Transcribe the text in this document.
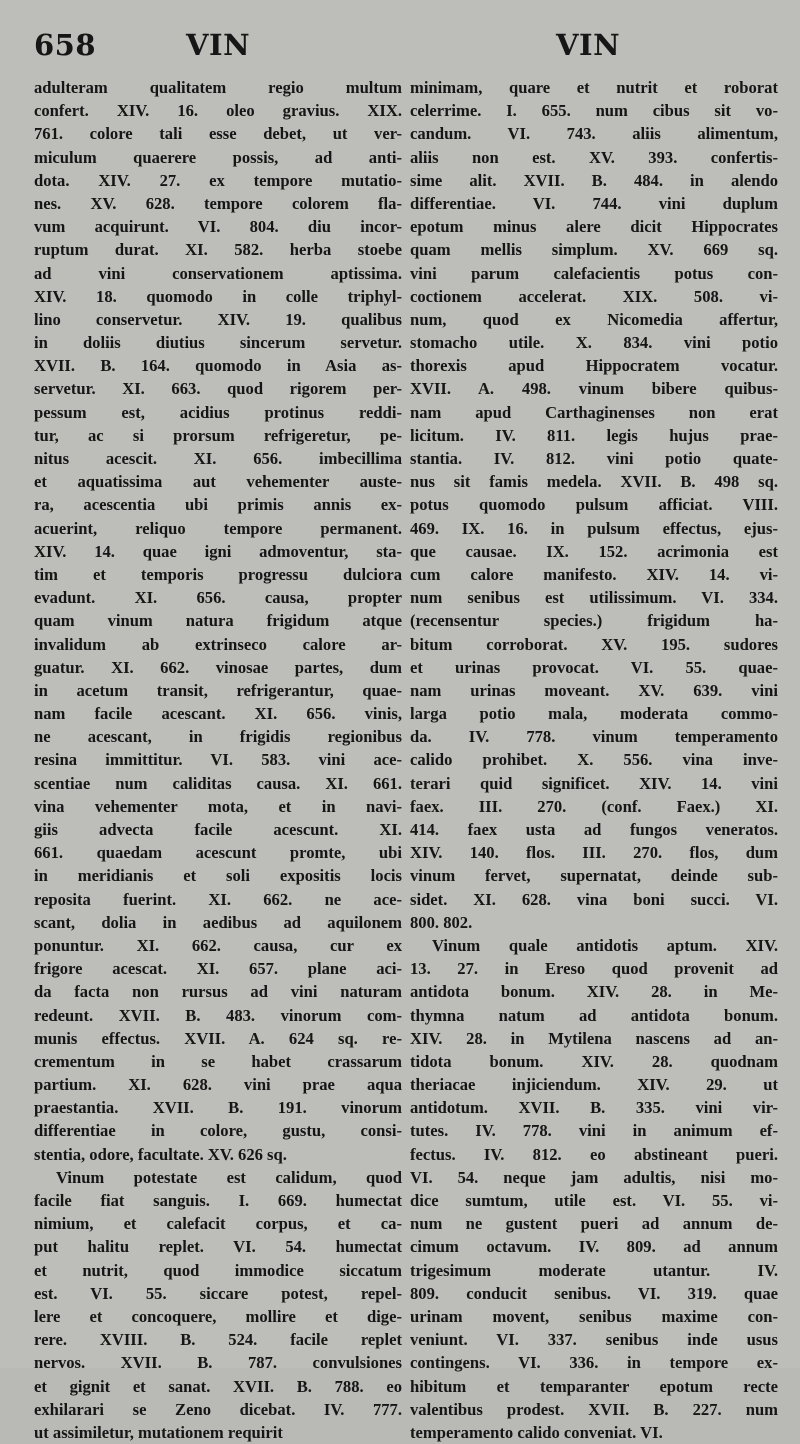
658	VIN	VIN
adulteram qualitatem regio multum
confert. XIV. 16. oleo gravius. XIX.
761. colore tali esse debet, ut ver-
miculum quaerere possis, ad anti-
dota. XIV. 27. ex tempore mutatio-
nes. XV. 628. tempore colorem fla-
vum acquirunt. VI. 804. diu incor-
ruptum durat. XI. 582. herba stoebe
ad vini conservationem aptissima.
XIV. 18. quomodo in colle triphyl-
lino conservetur. XIV. 19. qualibus
in doliis diutius sincerum servetur.
XVII. B. 164. quomodo in Asia as-
servetur. XI. 663. quod rigorem per-
pessum est, acidius protinus reddi-
tur, ac si prorsum refrigeretur, pe-
nitus acescit. XI. 656. imbecillima
et aquatissima aut vehementer auste-
ra, acescentia ubi primis annis ex-
acuerint, reliquo tempore permanent.
XIV. 14. quae igni admoventur, sta-
tim et temporis progressu dulciora
evadunt. XI. 656. causa, propter
quam vinum natura frigidum atque
invalidum ab extrinseco calore ar-
guatur. XI. 662. vinosae partes, dum
in acetum transit, refrigerantur, quae-
nam facile acescant. XI. 656. vinis,
ne acescant, in frigidis regionibus
resina immittitur. VI. 583. vini ace-
scentiae num caliditas causa. XI. 661.
vina vehementer mota, et in navi-
giis advecta facile acescunt. XI.
661. quaedam acescunt promte, ubi
in meridianis et soli expositis locis
reposita fuerint. XI. 662. ne ace-
scant, dolia in aedibus ad aquilonem
ponuntur. XI. 662. causa, cur ex
frigore acescat. XI. 657. plane aci-
da facta non rursus ad vini naturam
redeunt. XVII. B. 483. vinorum com-
munis effectus. XVII. A. 624 sq. re-
crementum in se habet crassarum
partium. XI. 628. vini prae aqua
praestantia. XVII. B. 191. vinorum
differentiae in colore, gustu, consi-
stentia, odore, facultate. XV. 626 sq.
Vinum potestate est calidum, quod
facile fiat sanguis. I. 669. humectat
nimium, et calefacit corpus, et ca-
put halitu replet. VI. 54. humectat
et nutrit, quod immodice siccatum
est. VI. 55. siccare potest, repel-
lere et concoquere, mollire et dige-
rere. XVIII. B. 524. facile replet
nervos. XVII. B. 787. convulsiones
et gignit et sanat. XVII. B. 788. eo
exhilarari se Zeno dicebat. IV. 777.
ut assimiletur, mutationem requirit
minimam, quare et nutrit et roborat
celerrime. I. 655. num cibus sit vo-
candum. VI. 743. aliis alimentum,
aliis non est. XV. 393. confertis-
sime alit. XVII. B. 484. in alendo
differentiae. VI. 744. vini duplum
epotum minus alere dicit Hippocrates
quam mellis simplum. XV. 669 sq.
vini parum calefacientis potus con-
coctionem accelerat. XIX. 508. vi-
num, quod ex Nicomedia affertur,
stomacho utile. X. 834. vini potio
thorexis apud Hippocratem vocatur.
XVII. A. 498. vinum bibere quibus-
nam apud Carthaginenses non erat
licitum. IV. 811. legis hujus prae-
stantia. IV. 812. vini potio quate-
nus sit famis medela. XVII. B. 498 sq.
potus quomodo pulsum afficiat. VIII.
469. IX. 16. in pulsum effectus, ejus-
que causae. IX. 152. acrimonia est
cum calore manifesto. XIV. 14. vi-
num senibus est utilissimum. VI. 334.
(recensentur species.) frigidum ha-
bitum corroborat. XV. 195. sudores
et urinas provocat. VI. 55. quae-
nam urinas moveant. XV. 639. vini
larga potio mala, moderata commo-
da. IV. 778. vinum temperamento
calido prohibet. X. 556. vina inve-
terari quid significet. XIV. 14. vini
faex. III. 270. (conf. Faex.) XI.
414. faex usta ad fungos veneratos.
XIV. 140. flos. III. 270. flos, dum
vinum fervet, supernatat, deinde sub-
sidet. XI. 628. vina boni succi. VI.
800. 802.
Vinum quale antidotis aptum. XIV.
13. 27. in Ereso quod provenit ad
antidota bonum. XIV. 28. in Me-
thymna natum ad antidota bonum.
XIV. 28. in Mytilena nascens ad an-
tidota bonum. XIV. 28. quodnam
theriacae injiciendum. XIV. 29. ut
antidotum. XVII. B. 335. vini vir-
tutes. IV. 778. vini in animum ef-
fectus. IV. 812. eo abstineant pueri.
VI. 54. neque jam adultis, nisi mo-
dice sumtum, utile est. VI. 55. vi-
num ne gustent pueri ad annum de-
cimum octavum. IV. 809. ad annum
trigesimum moderate utantur. IV.
809. conducit senibus. VI. 319. quae
urinam movent, senibus maxime con-
veniunt. VI. 337. senibus inde usus
contingens. VI. 336. in tempore ex-
hibitum et temparanter epotum recte
valentibus prodest. XVII. B. 227. num
temperamento calido conveniat. VI.
